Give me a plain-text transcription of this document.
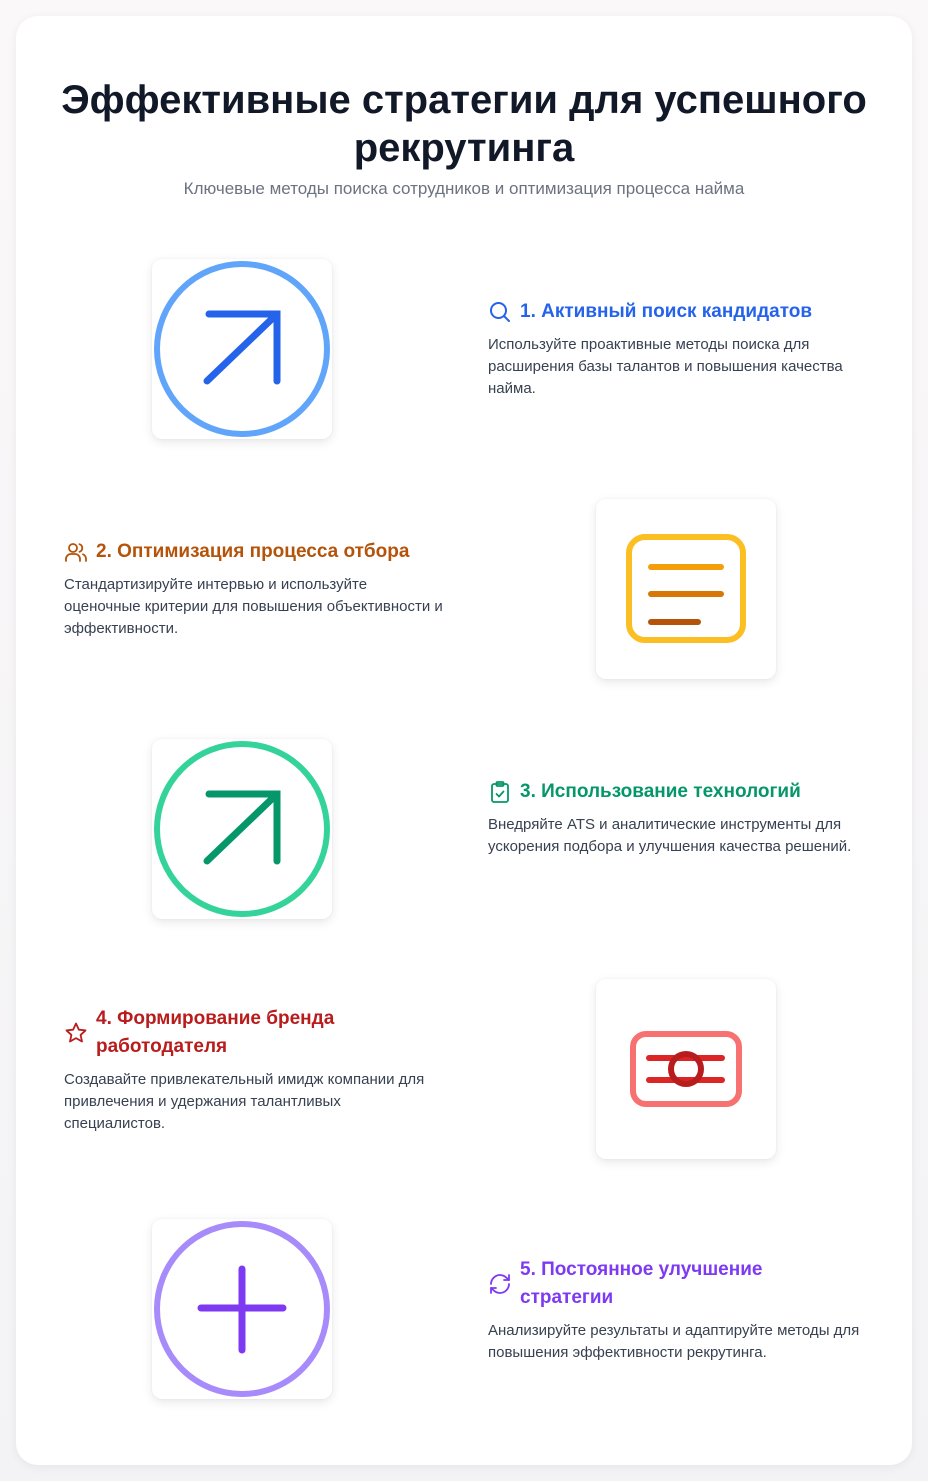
Эффективные стратегии для успешного рекрутинга

Ключевые методы поиска сотрудников и оптимизация процесса найма

1. Активный поиск кандидатов

Используйте проактивные методы поиска для расширения базы талантов и повышения качества найма.

2. Оптимизация процесса отбора

Стандартизируйте интервью и используйте оценочные критерии для повышения объективности и эффективности.

3. Использование технологий

Внедряйте ATS и аналитические инструменты для ускорения подбора и улучшения качества решений.

4. Формирование бренда работодателя

Создавайте привлекательный имидж компании для привлечения и удержания талантливых специалистов.

5. Постоянное улучшение стратегии

Анализируйте результаты и адаптируйте методы для повышения эффективности рекрутинга.
